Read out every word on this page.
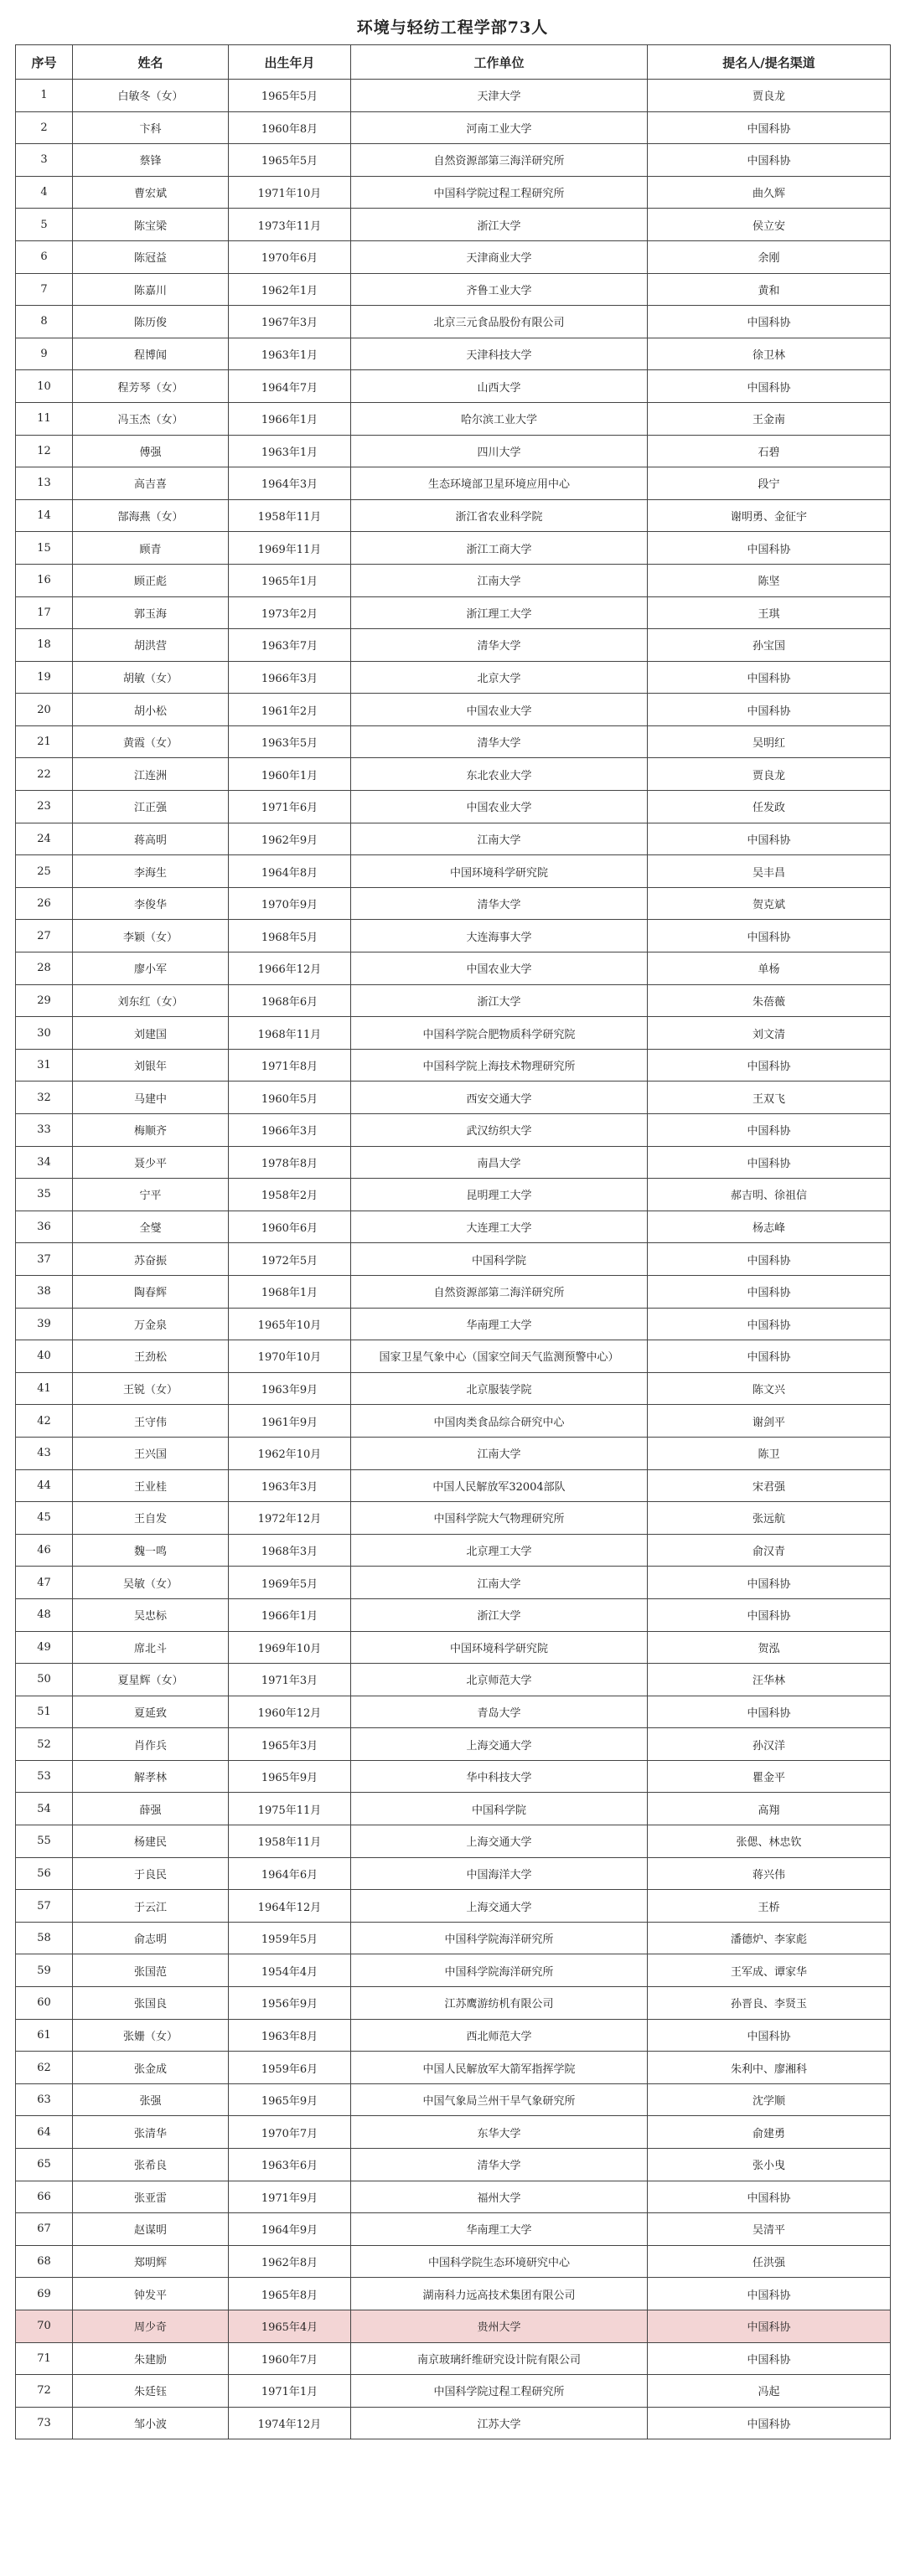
环境与轻纺工程学部73人
序号	姓名	出生年月	工作单位	提名人/提名渠道
1	白敏冬（女）	1965年5月	天津大学	贾良龙
2	卞科	1960年8月	河南工业大学	中国科协
3	蔡锋	1965年5月	自然资源部第三海洋研究所	中国科协
4	曹宏斌	1971年10月	中国科学院过程工程研究所	曲久辉
5	陈宝梁	1973年11月	浙江大学	侯立安
6	陈冠益	1970年6月	天津商业大学	余刚
7	陈嘉川	1962年1月	齐鲁工业大学	黄和
8	陈历俊	1967年3月	北京三元食品股份有限公司	中国科协
9	程博闻	1963年1月	天津科技大学	徐卫林
10	程芳琴（女）	1964年7月	山西大学	中国科协
11	冯玉杰（女）	1966年1月	哈尔滨工业大学	王金南
12	傅强	1963年1月	四川大学	石碧
13	高吉喜	1964年3月	生态环境部卫星环境应用中心	段宁
14	郜海燕（女）	1958年11月	浙江省农业科学院	谢明勇、金征宇
15	顾青	1969年11月	浙江工商大学	中国科协
16	顾正彪	1965年1月	江南大学	陈坚
17	郭玉海	1973年2月	浙江理工大学	王琪
18	胡洪营	1963年7月	清华大学	孙宝国
19	胡敏（女）	1966年3月	北京大学	中国科协
20	胡小松	1961年2月	中国农业大学	中国科协
21	黄霞（女）	1963年5月	清华大学	吴明红
22	江连洲	1960年1月	东北农业大学	贾良龙
23	江正强	1971年6月	中国农业大学	任发政
24	蒋高明	1962年9月	江南大学	中国科协
25	李海生	1964年8月	中国环境科学研究院	吴丰昌
26	李俊华	1970年9月	清华大学	贺克斌
27	李颖（女）	1968年5月	大连海事大学	中国科协
28	廖小军	1966年12月	中国农业大学	单杨
29	刘东红（女）	1968年6月	浙江大学	朱蓓薇
30	刘建国	1968年11月	中国科学院合肥物质科学研究院	刘文清
31	刘银年	1971年8月	中国科学院上海技术物理研究所	中国科协
32	马建中	1960年5月	西安交通大学	王双飞
33	梅顺齐	1966年3月	武汉纺织大学	中国科协
34	聂少平	1978年8月	南昌大学	中国科协
35	宁平	1958年2月	昆明理工大学	郝吉明、徐祖信
36	全燮	1960年6月	大连理工大学	杨志峰
37	苏奋振	1972年5月	中国科学院	中国科协
38	陶春辉	1968年1月	自然资源部第二海洋研究所	中国科协
39	万金泉	1965年10月	华南理工大学	中国科协
40	王劲松	1970年10月	国家卫星气象中心（国家空间天气监测预警中心）	中国科协
41	王锐（女）	1963年9月	北京服装学院	陈文兴
42	王守伟	1961年9月	中国肉类食品综合研究中心	谢剑平
43	王兴国	1962年10月	江南大学	陈卫
44	王业桂	1963年3月	中国人民解放军32004部队	宋君强
45	王自发	1972年12月	中国科学院大气物理研究所	张远航
46	魏一鸣	1968年3月	北京理工大学	俞汉青
47	吴敏（女）	1969年5月	江南大学	中国科协
48	吴忠标	1966年1月	浙江大学	中国科协
49	席北斗	1969年10月	中国环境科学研究院	贺泓
50	夏星辉（女）	1971年3月	北京师范大学	汪华林
51	夏延致	1960年12月	青岛大学	中国科协
52	肖作兵	1965年3月	上海交通大学	孙汉洋
53	解孝林	1965年9月	华中科技大学	瞿金平
54	薛强	1975年11月	中国科学院	高翔
55	杨建民	1958年11月	上海交通大学	张偲、林忠钦
56	于良民	1964年6月	中国海洋大学	蒋兴伟
57	于云江	1964年12月	上海交通大学	王桥
58	俞志明	1959年5月	中国科学院海洋研究所	潘德炉、李家彪
59	张国范	1954年4月	中国科学院海洋研究所	王军成、谭家华
60	张国良	1956年9月	江苏鹰游纺机有限公司	孙晋良、李贤玉
61	张姗（女）	1963年8月	西北师范大学	中国科协
62	张金成	1959年6月	中国人民解放军大箭军指挥学院	朱利中、廖湘科
63	张强	1965年9月	中国气象局兰州干旱气象研究所	沈学顺
64	张清华	1970年7月	东华大学	俞建勇
65	张希良	1963年6月	清华大学	张小曳
66	张亚雷	1971年9月	福州大学	中国科协
67	赵谋明	1964年9月	华南理工大学	吴清平
68	郑明辉	1962年8月	中国科学院生态环境研究中心	任洪强
69	钟发平	1965年8月	湖南科力远高技术集团有限公司	中国科协
70	周少奇	1965年4月	贵州大学	中国科协
71	朱建励	1960年7月	南京玻璃纤维研究设计院有限公司	中国科协
72	朱廷钰	1971年1月	中国科学院过程工程研究所	冯起
73	邹小波	1974年12月	江苏大学	中国科协
